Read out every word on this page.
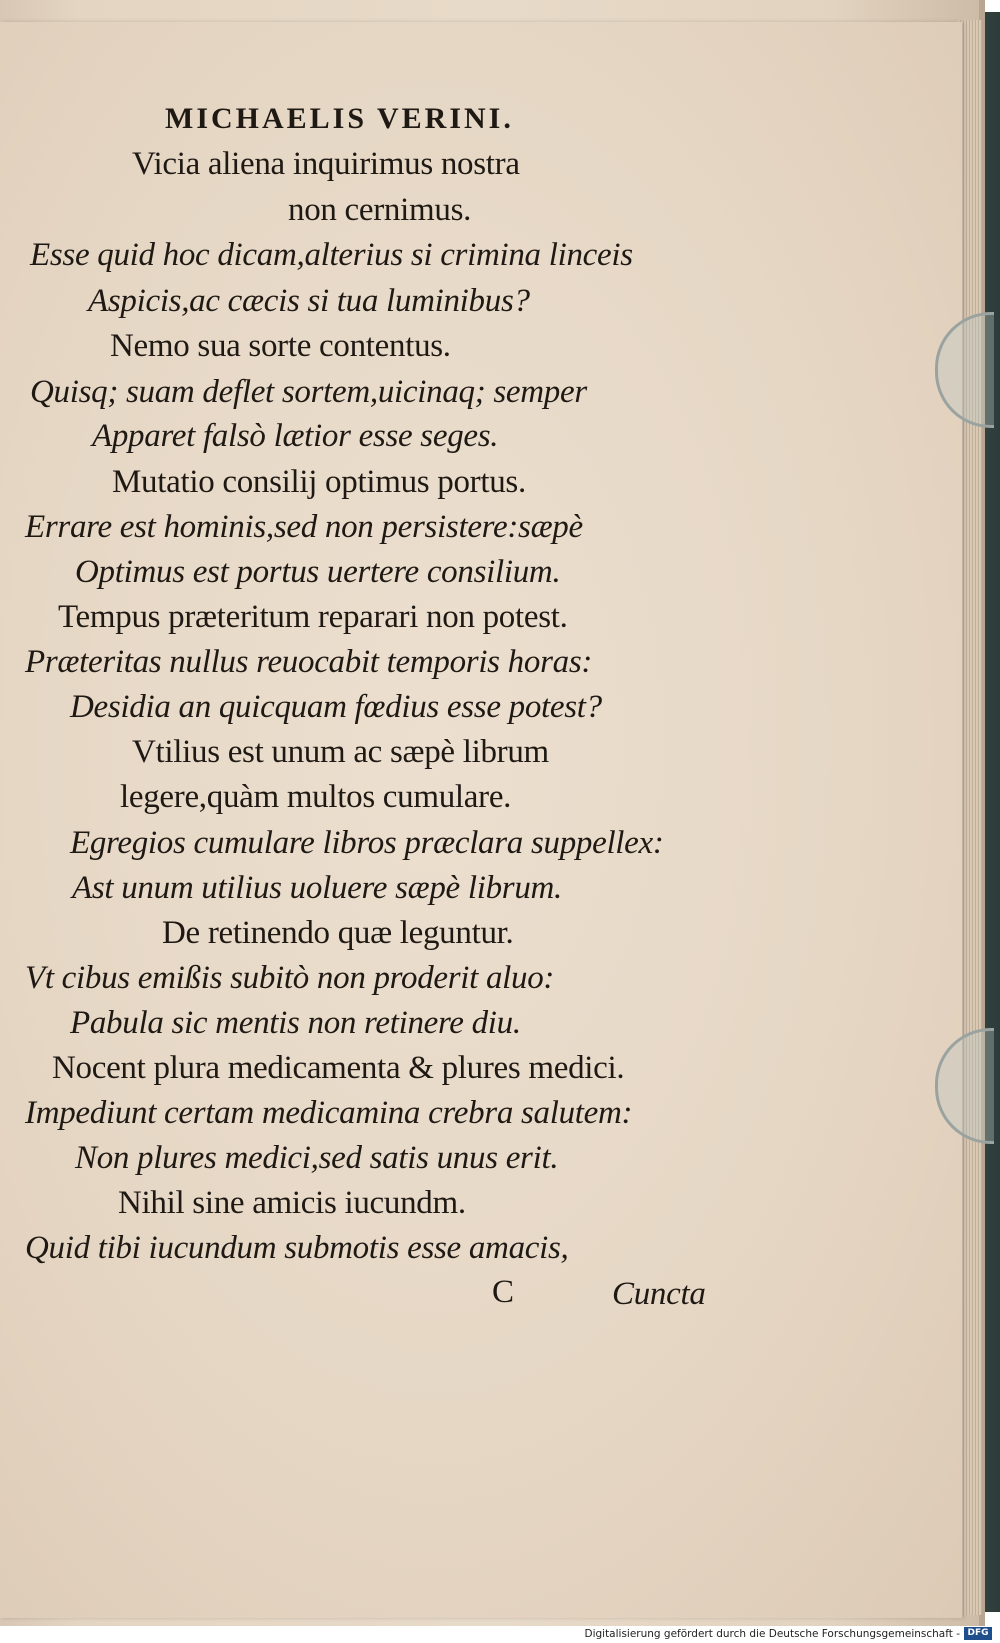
MICHAELIS VERINI.
Vicia aliena inquirimus nostra
non cernimus.
Esse quid hoc dicam,alterius si crimina linceis
Aspicis,ac cæcis si tua luminibus?
Nemo sua sorte contentus.
Quisq; suam deflet sortem,uicinaq; semper
Apparet falsò lætior esse seges.
Mutatio consilij optimus portus.
Errare est hominis,sed non persistere:sæpè
Optimus est portus uertere consilium.
Tempus præteritum reparari non potest.
Præteritas nullus reuocabit temporis horas:
Desidia an quicquam fœdius esse potest?
Vtilius est unum ac sæpè librum
legere,quàm multos cumulare.
Egregios cumulare libros præclara suppellex:
Ast unum utilius uoluere sæpè librum.
De retinendo quæ leguntur.
Vt cibus emißis subitò non proderit aluo:
Pabula sic mentis non retinere diu.
Nocent plura medicamenta & plures medici.
Impediunt certam medicamina crebra salutem:
Non plures medici,sed satis unus erit.
Nihil sine amicis iucundm.
Quid tibi iucundum submotis esse amacis,
C	Cuncta
Digitalisierung gefördert durch die Deutsche Forschungsgemeinschaft - DFG
